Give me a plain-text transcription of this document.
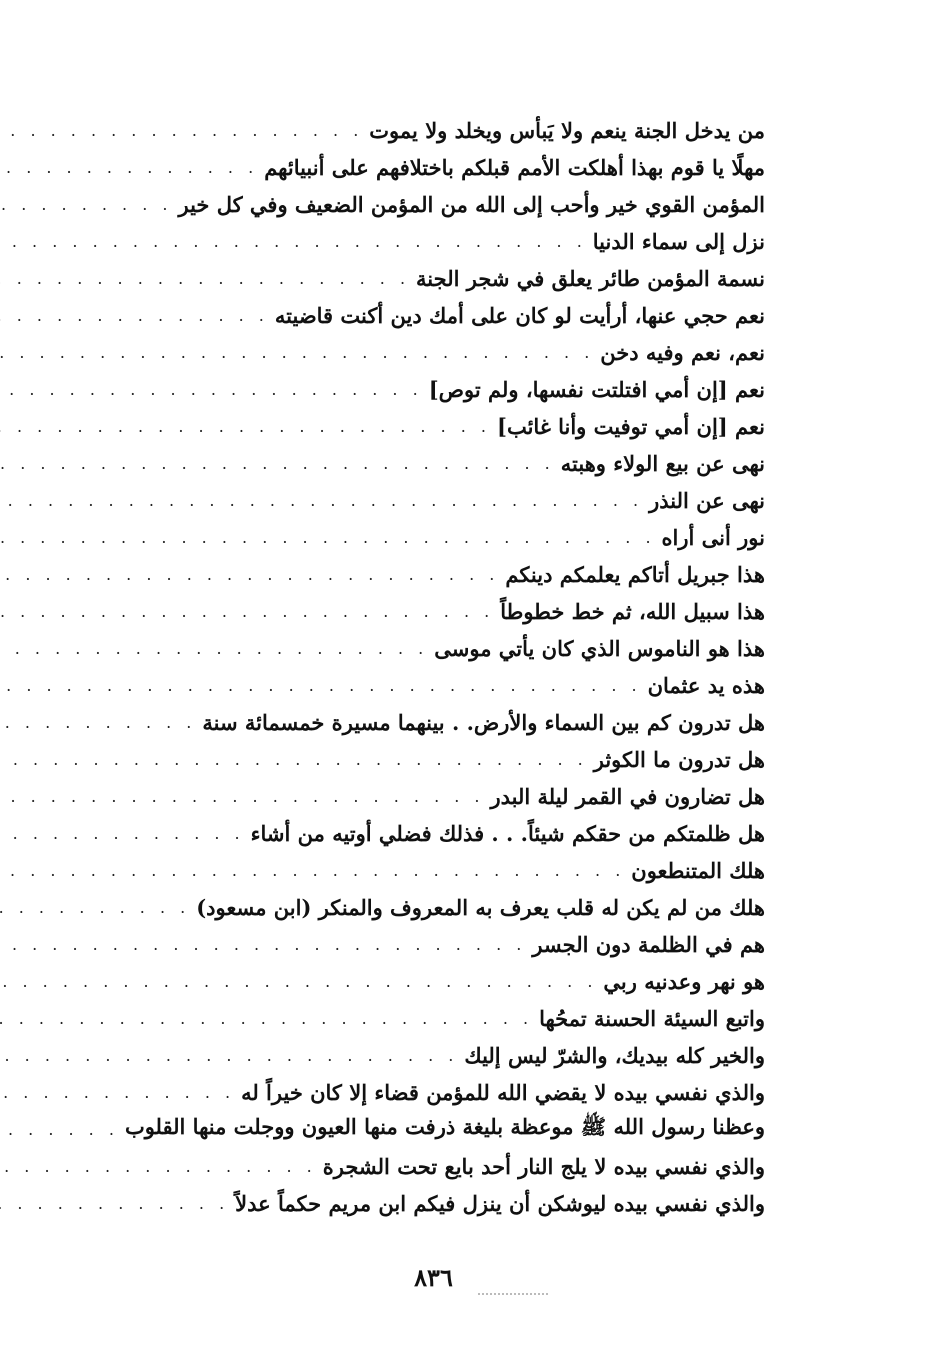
من يدخل الجنة ينعم ولا يَبأس ويخلد ولا يموت
. . .
مهلًا يا قوم بهذا أهلكت الأمم قبلكم باختلافهم على أنبيائهم
. . .
المؤمن القوي خير وأحب إلى الله من المؤمن الضعيف وفي كل خير
. . .
نزل إلى سماء الدنيا
. . .
نسمة المؤمن طائر يعلق في شجر الجنة
. . .
نعم حجي عنها، أرأيت لو كان على أمك دين أكنت قاضيته
. . .
نعم، نعم وفيه دخن
. . .
نعم [إن أمي افتلتت نفسها، ولم توص]
. . .
نعم [إن أمي توفيت وأنا غائب]
. . .
نهى عن بيع الولاء وهبته
. . .
نهى عن النذر
. . .
نور أنى أراه
. . .
هذا جبريل أتاكم يعلمكم دينكم
. . .
هذا سبيل الله، ثم خط خطوطاً
. . .
هذا هو الناموس الذي كان يأتي موسى
. . .
هذه يد عثمان
. . .
هل تدرون كم بين السماء والأرض. . بينهما مسيرة خمسمائة سنة
. . .
هل تدرون ما الكوثر
. . .
هل تضارون في القمر ليلة البدر
. . .
هل ظلمتكم من حقكم شيئاً. . . فذلك فضلي أوتيه من أشاء
. . .
هلك المتنطعون
. . .
هلك من لم يكن له قلب يعرف به المعروف والمنكر (ابن مسعود)
. . .
هم في الظلمة دون الجسر
. . .
هو نهر وعدنيه ربي
. . .
واتبع السيئة الحسنة تمحُها
. . .
والخير كله بيديك، والشرّ ليس إليك
. . .
والذي نفسي بيده لا يقضي الله للمؤمن قضاء إلا كان خيراً له
. . .
وعظنا رسول الله ﷺ موعظة بليغة ذرفت منها العيون ووجلت منها القلوب
. . .
والذي نفسي بيده لا يلج النار أحد بايع تحت الشجرة
. . .
والذي نفسي بيده ليوشكن أن ينزل فيكم ابن مريم حكماً عدلاً
. . .
٨٣٦
